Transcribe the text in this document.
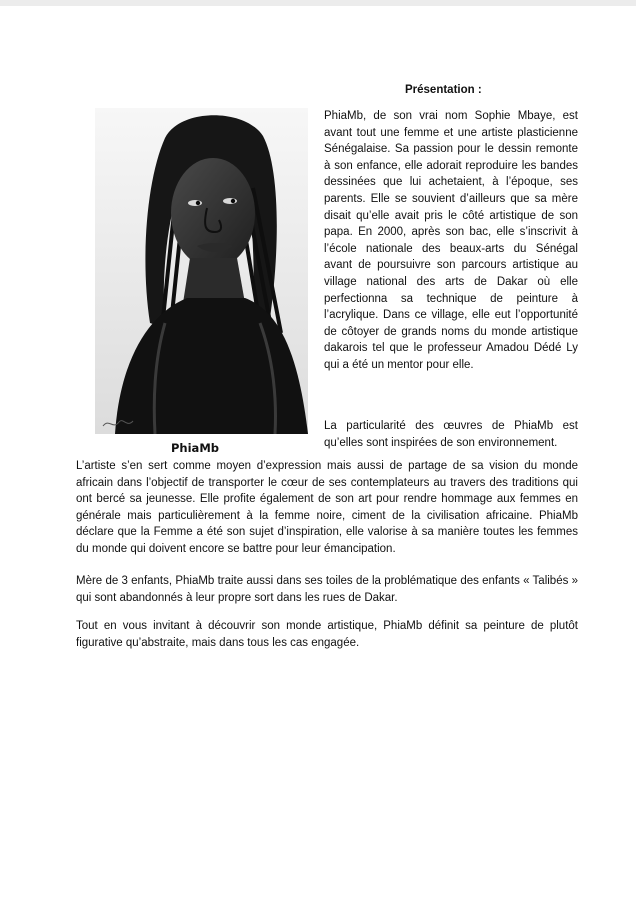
Présentation :

PhiaMb

PhiaMb, de son vrai nom Sophie Mbaye, est avant tout une femme et une artiste plasticienne Sénégalaise. Sa passion pour le dessin remonte à son enfance, elle adorait reproduire les bandes dessinées que lui achetaient, à l’époque, ses parents. Elle se souvient d’ailleurs que sa mère disait qu’elle avait pris le côté artistique de son papa. En 2000, après son bac, elle s’inscrivit à l’école nationale des beaux-arts du Sénégal avant de poursuivre son parcours artistique au village national des arts de Dakar où elle perfectionna sa technique de peinture à l’acrylique. Dans ce village, elle eut l’opportunité de côtoyer de grands noms du monde artistique dakarois tel que le professeur Amadou Dédé Ly qui a été un mentor pour elle.

La particularité des œuvres de PhiaMb est qu’elles sont inspirées de son environnement.

L’artiste s’en sert comme moyen d’expression mais aussi de partage de sa vision du monde africain dans l’objectif de transporter le cœur de ses contemplateurs au travers des traditions qui ont bercé sa jeunesse. Elle profite également de son art pour rendre hommage aux femmes en générale mais particulièrement à la femme noire, ciment de la civilisation africaine. PhiaMb déclare que la Femme a été son sujet d’inspiration, elle valorise à sa manière toutes les femmes du monde qui doivent encore se battre pour leur émancipation.

Mère de 3 enfants, PhiaMb traite aussi dans ses toiles de la problématique des enfants « Talibés » qui sont abandonnés à leur propre sort dans les rues de Dakar.

Tout en vous invitant à découvrir son monde artistique, PhiaMb définit sa peinture de plutôt figurative qu’abstraite, mais dans tous les cas engagée.
